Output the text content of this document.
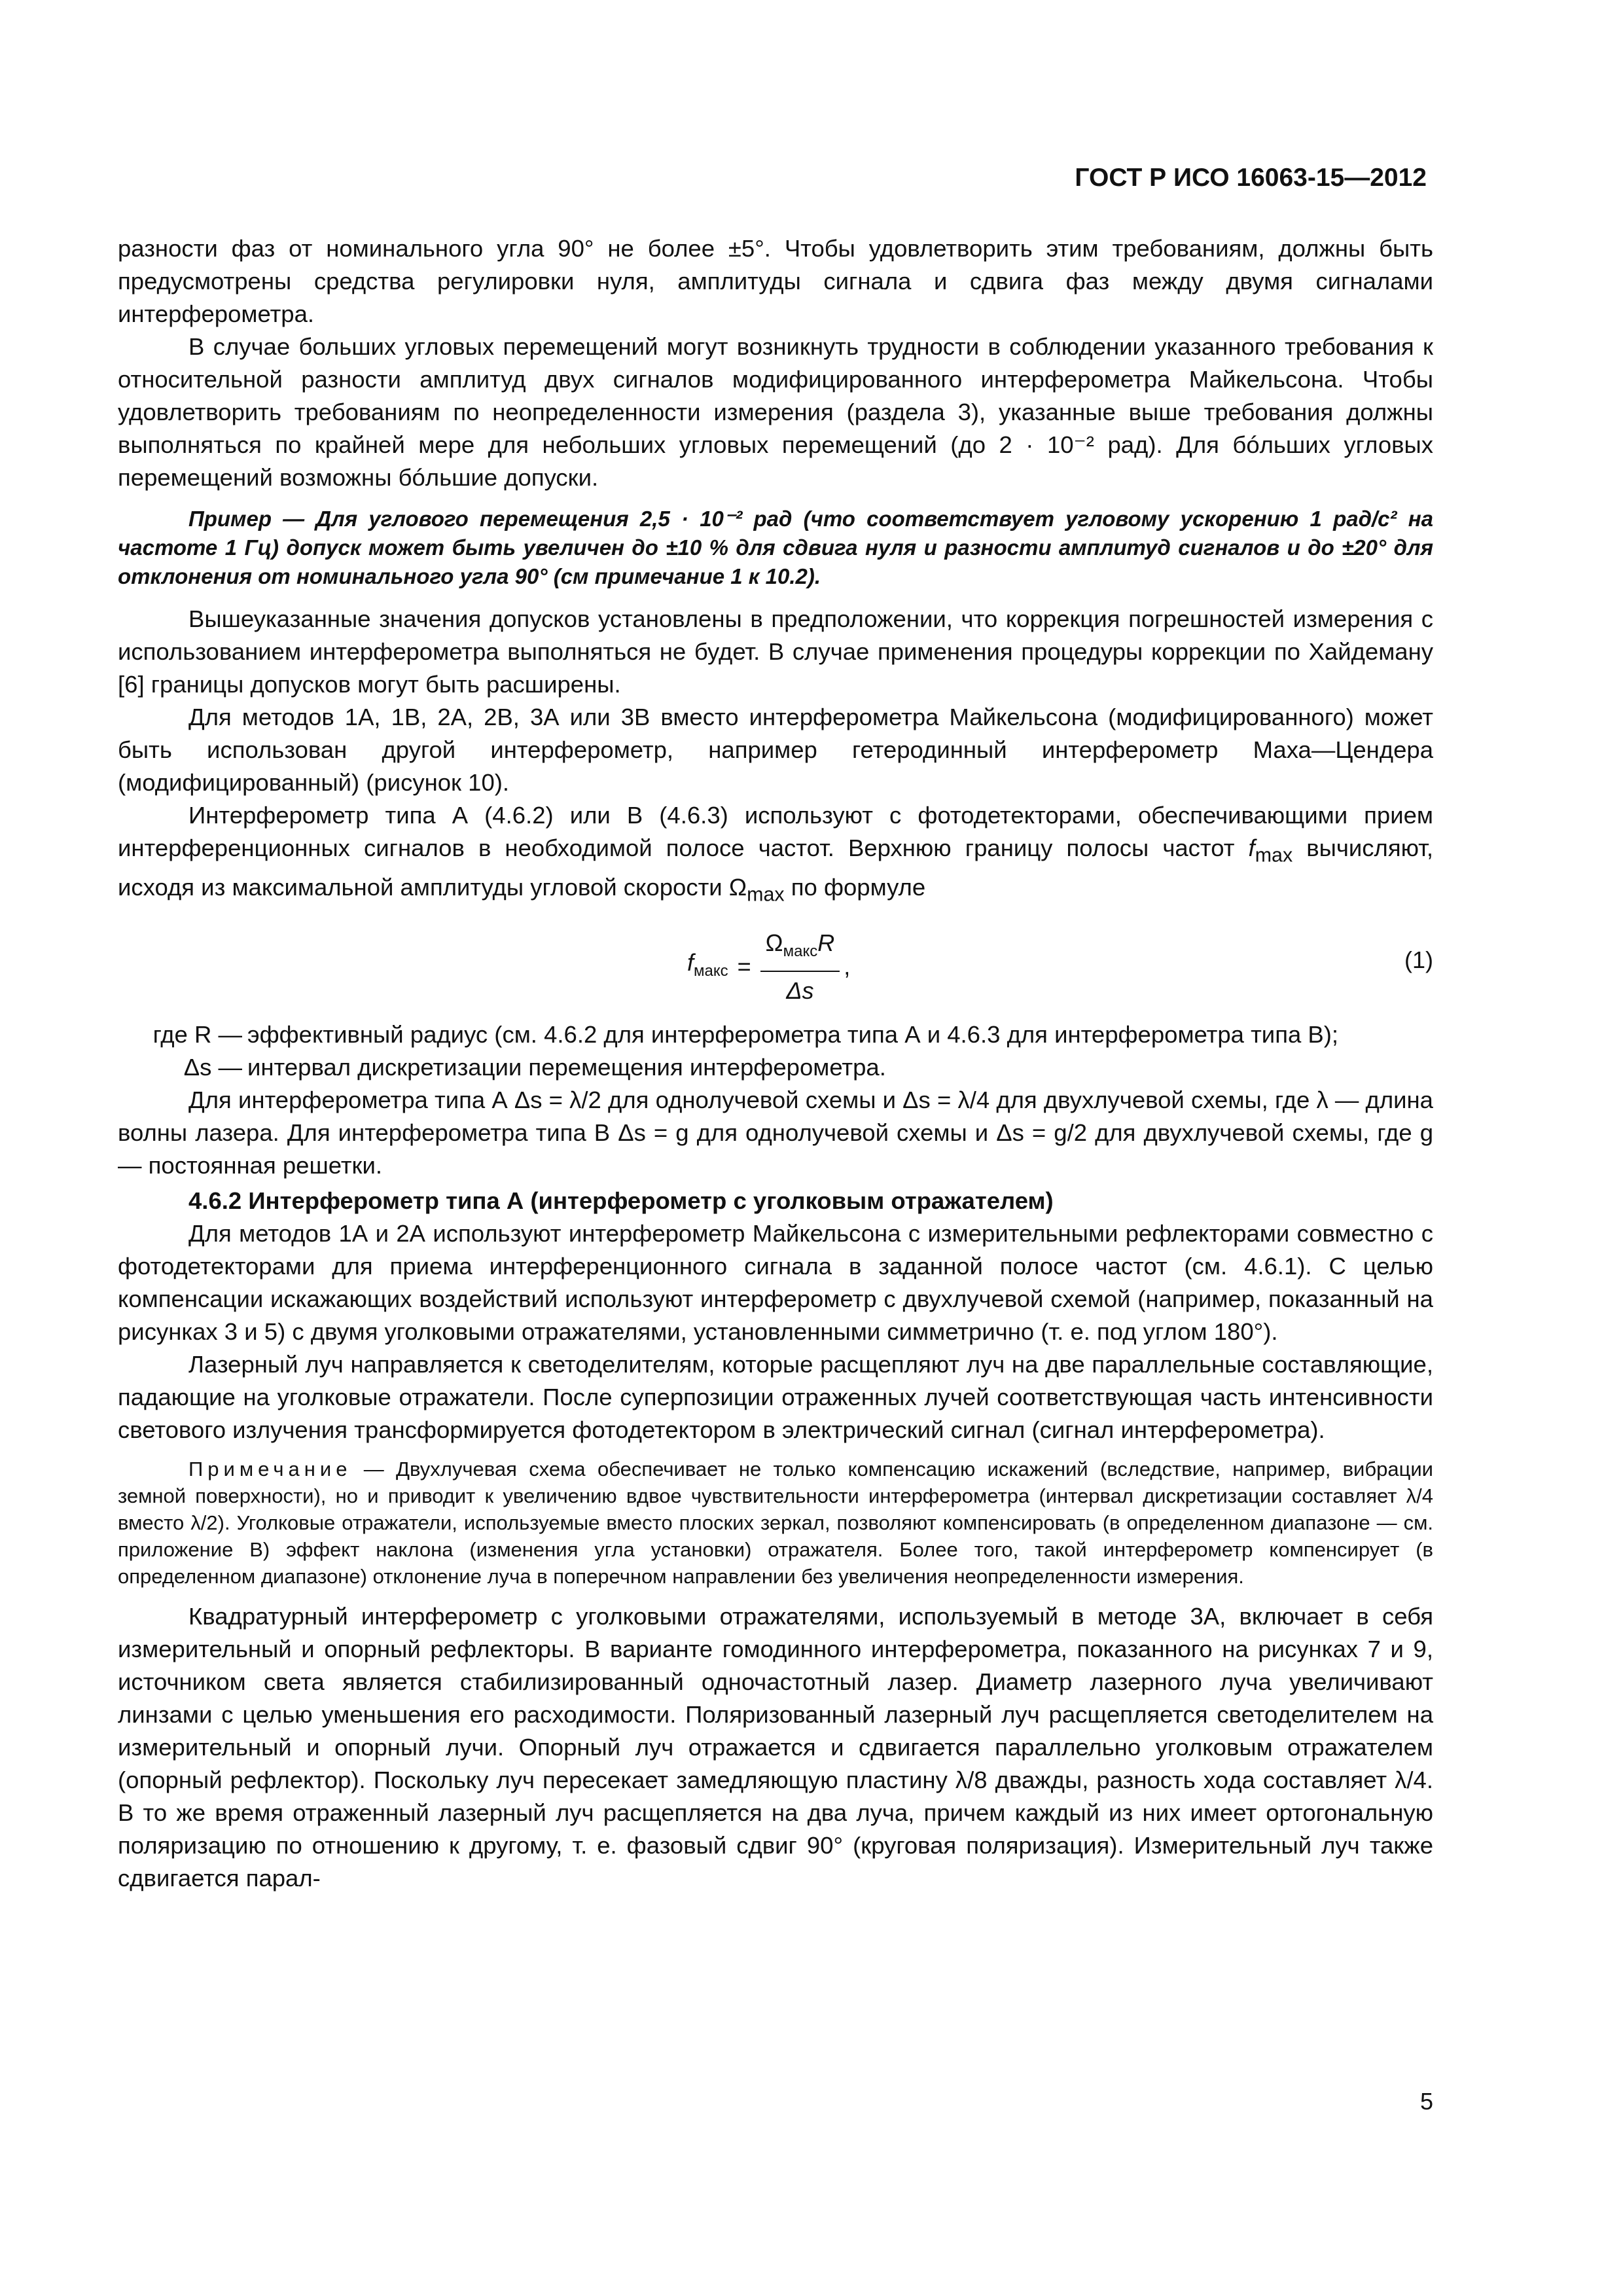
ГОСТ Р ИСО 16063-15—2012

разности фаз от номинального угла 90° не более ±5°. Чтобы удовлетворить этим требованиям, должны быть предусмотрены средства регулировки нуля, амплитуды сигнала и сдвига фаз между двумя сигналами интерферометра.

В случае больших угловых перемещений могут возникнуть трудности в соблюдении указанного требования к относительной разности амплитуд двух сигналов модифицированного интерферометра Майкельсона. Чтобы удовлетворить требованиям по неопределенности измерения (раздела 3), указанные выше требования должны выполняться по крайней мере для небольших угловых перемещений (до 2 · 10⁻² рад). Для бóльших угловых перемещений возможны бóльшие допуски.

Пример — Для углового перемещения 2,5 · 10⁻² рад (что соответствует угловому ускорению 1 рад/с² на частоте 1 Гц) допуск может быть увеличен до ±10 % для сдвига нуля и разности амплитуд сигналов и до ±20° для отклонения от номинального угла 90° (см примечание 1 к 10.2).

Вышеуказанные значения допусков установлены в предположении, что коррекция погрешностей измерения с использованием интерферометра выполняться не будет. В случае применения процедуры коррекции по Хайдеману [6] границы допусков могут быть расширены.

Для методов 1А, 1В, 2А, 2В, 3А или 3В вместо интерферометра Майкельсона (модифицированного) может быть использован другой интерферометр, например гетеродинный интерферометр Маха—Цендера (модифицированный) (рисунок 10).

Интерферометр типа А (4.6.2) или В (4.6.3) используют с фотодетекторами, обеспечивающими прием интерференционных сигналов в необходимой полосе частот. Верхнюю границу полосы частот $f_{max}$ вычисляют, исходя из максимальной амплитуды угловой скорости $\Omega_{max}$ по формуле

$f_{макс} = \frac{\Omega_{макс}R}{\Delta s}$ ,	(1)
где R — эффективный радиус (см. 4.6.2 для интерферометра типа А и 4.6.3 для интерферометра типа В);
Δs — интервал дискретизации перемещения интерферометра.

Для интерферометра типа А Δs = λ/2 для однолучевой схемы и Δs = λ/4 для двухлучевой схемы, где λ — длина волны лазера. Для интерферометра типа В Δs = g для однолучевой схемы и Δs = g/2 для двухлучевой схемы, где g — постоянная решетки.

4.6.2 Интерферометр типа А (интерферометр с уголковым отражателем)

Для методов 1А и 2А используют интерферометр Майкельсона с измерительными рефлекторами совместно с фотодетекторами для приема интерференционного сигнала в заданной полосе частот (см. 4.6.1). С целью компенсации искажающих воздействий используют интерферометр с двухлучевой схемой (например, показанный на рисунках 3 и 5) с двумя уголковыми отражателями, установленными симметрично (т. е. под углом 180°).

Лазерный луч направляется к светоделителям, которые расщепляют луч на две параллельные составляющие, падающие на уголковые отражатели. После суперпозиции отраженных лучей соответствующая часть интенсивности светового излучения трансформируется фотодетектором в электрический сигнал (сигнал интерферометра).

Примечание — Двухлучевая схема обеспечивает не только компенсацию искажений (вследствие, например, вибрации земной поверхности), но и приводит к увеличению вдвое чувствительности интерферометра (интервал дискретизации составляет λ/4 вместо λ/2). Уголковые отражатели, используемые вместо плоских зеркал, позволяют компенсировать (в определенном диапазоне — см. приложение В) эффект наклона (изменения угла установки) отражателя. Более того, такой интерферометр компенсирует (в определенном диапазоне) отклонение луча в поперечном направлении без увеличения неопределенности измерения.

Квадратурный интерферометр с уголковыми отражателями, используемый в методе 3А, включает в себя измерительный и опорный рефлекторы. В варианте гомодинного интерферометра, показанного на рисунках 7 и 9, источником света является стабилизированный одночастотный лазер. Диаметр лазерного луча увеличивают линзами с целью уменьшения его расходимости. Поляризованный лазерный луч расщепляется светоделителем на измерительный и опорный лучи. Опорный луч отражается и сдвигается параллельно уголковым отражателем (опорный рефлектор). Поскольку луч пересекает замедляющую пластину λ/8 дважды, разность хода составляет λ/4. В то же время отраженный лазерный луч расщепляется на два луча, причем каждый из них имеет ортогональную поляризацию по отношению к другому, т. е. фазовый сдвиг 90° (круговая поляризация). Измерительный луч также сдвигается парал-

5
